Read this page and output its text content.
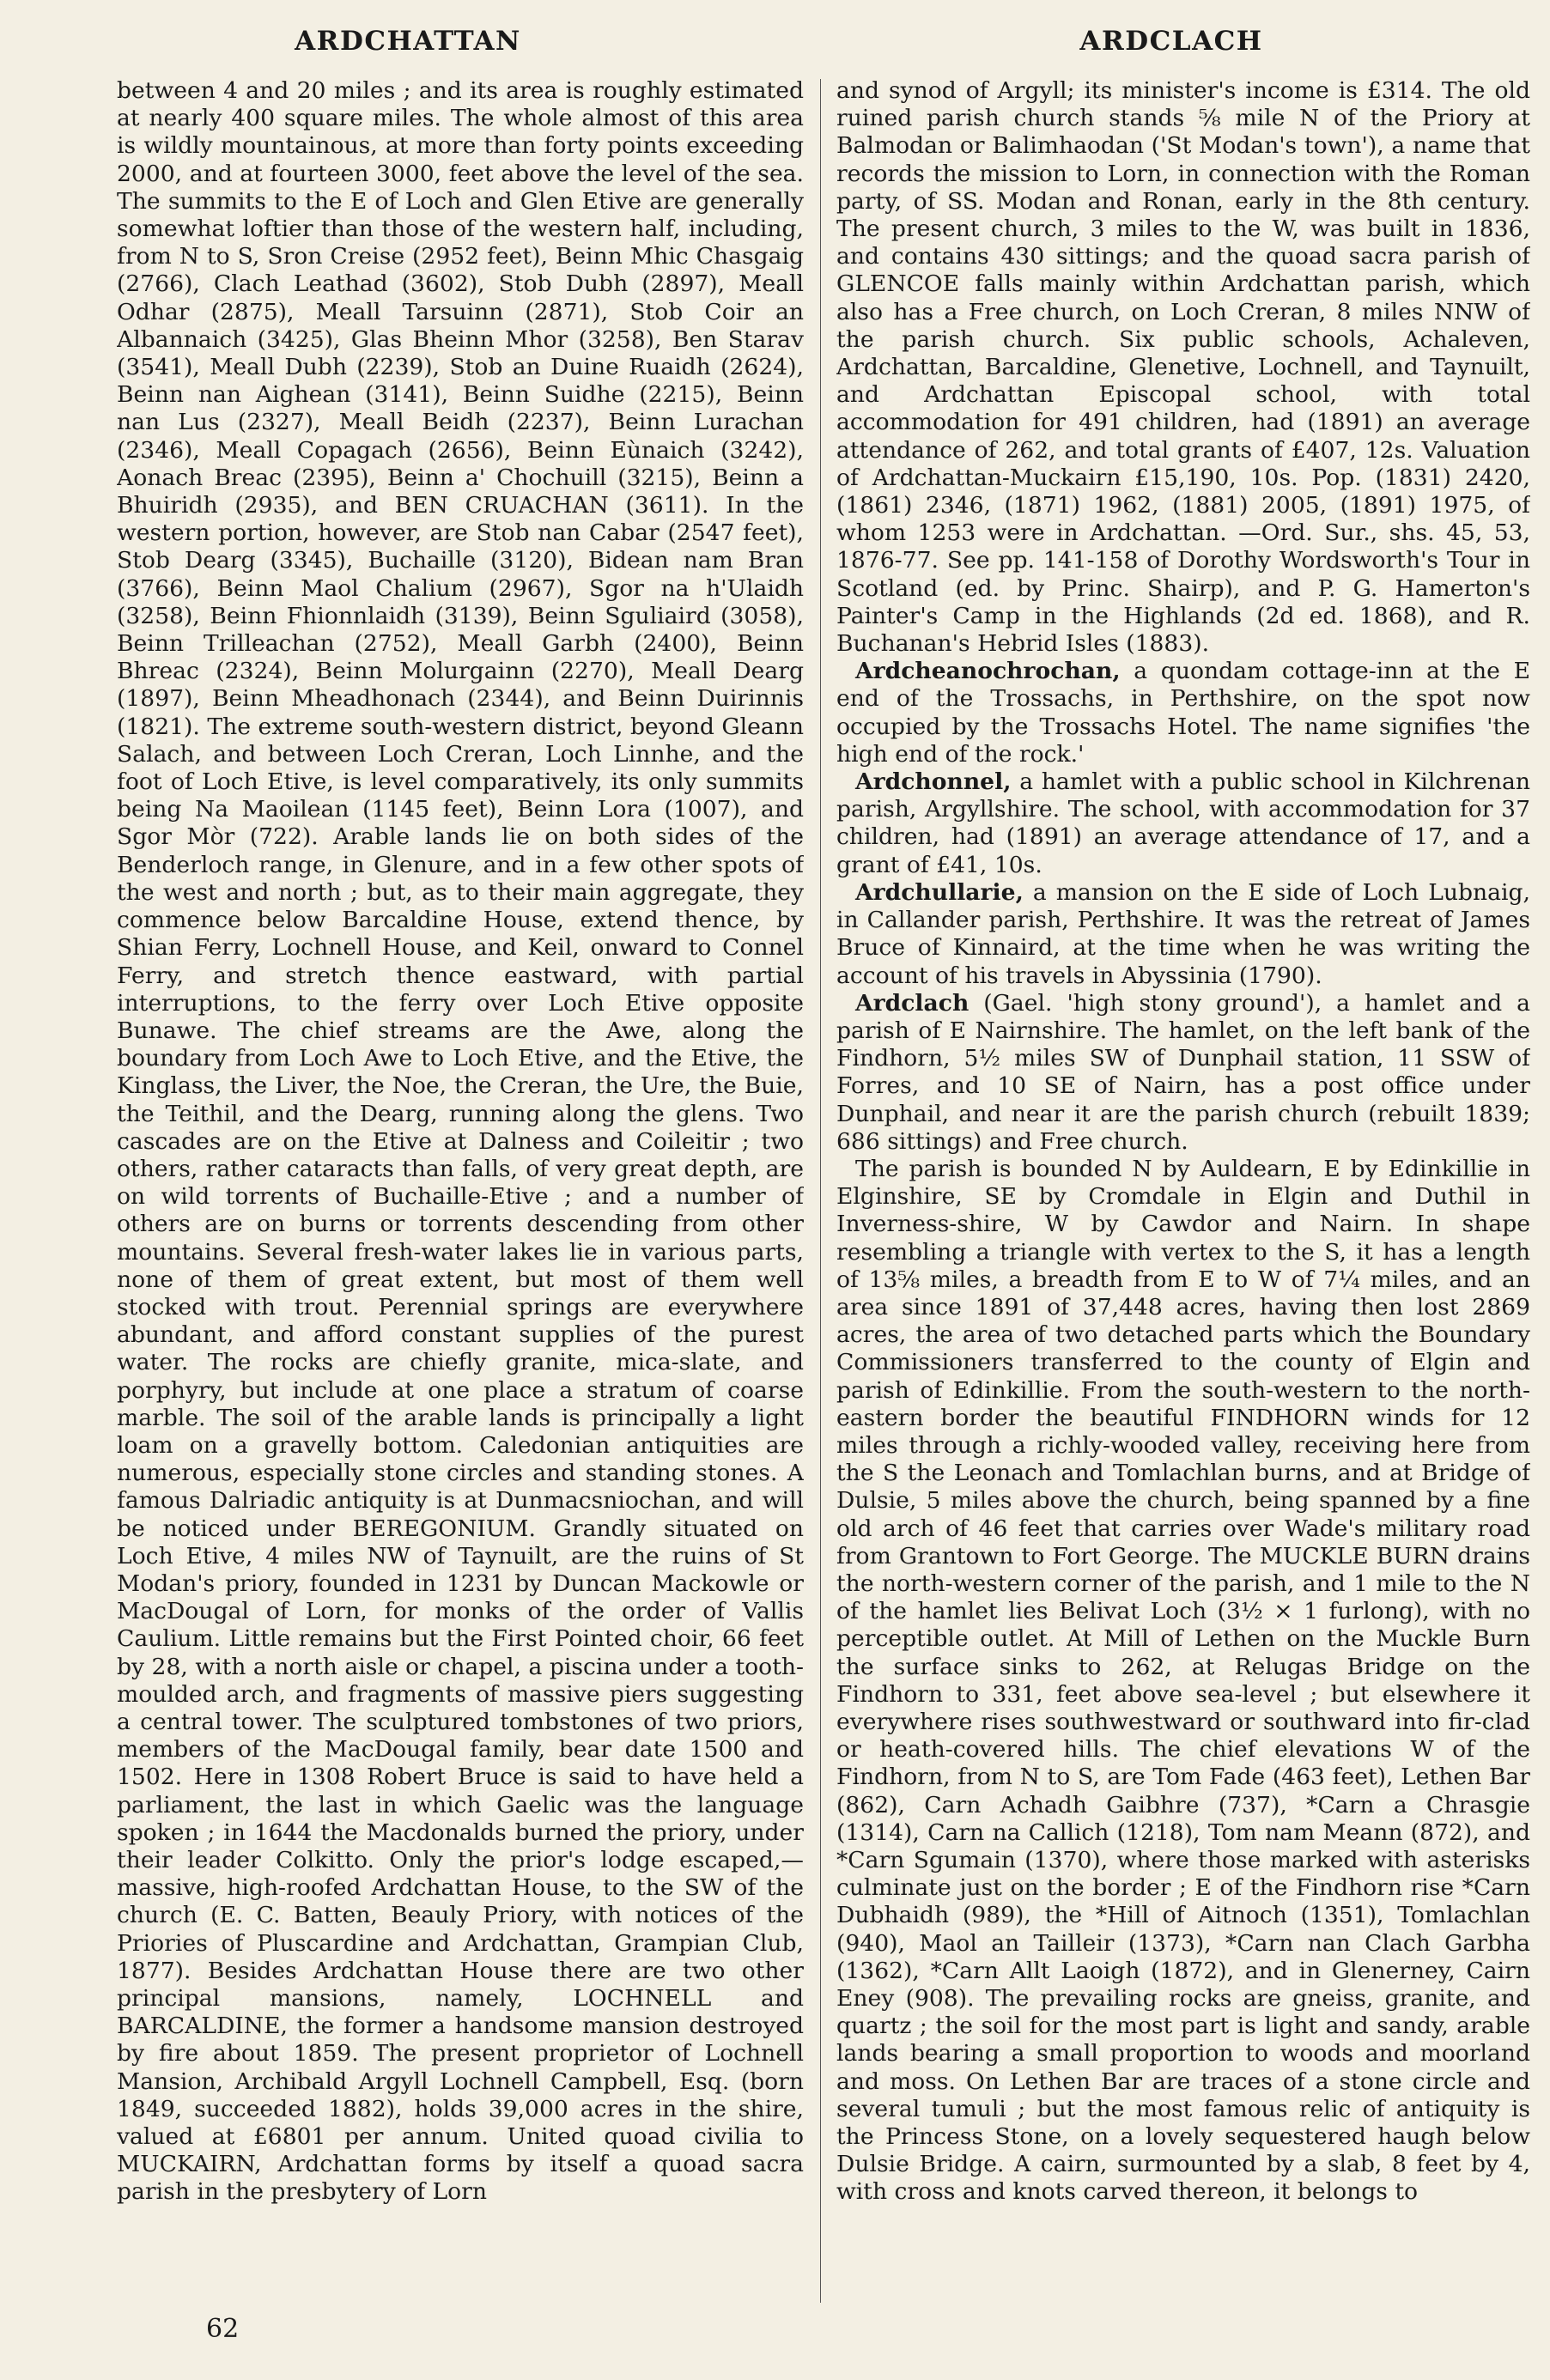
ARDCHATTAN	ARDCLACH

between 4 and 20 miles ; and its area is roughly estimated at nearly 400 square miles. The whole almost of this area is wildly mountainous, at more than forty points exceeding 2000, and at fourteen 3000, feet above the level of the sea. The summits to the E of Loch and Glen Etive are generally somewhat loftier than those of the western half, including, from N to S, Sron Creise (2952 feet), Beinn Mhic Chasgaig (2766), Clach Leathad (3602), Stob Dubh (2897), Meall Odhar (2875), Meall Tarsuinn (2871), Stob Coir an Albannaich (3425), Glas Bheinn Mhor (3258), Ben Starav (3541), Meall Dubh (2239), Stob an Duine Ruaidh (2624), Beinn nan Aighean (3141), Beinn Suidhe (2215), Beinn nan Lus (2327), Meall Beidh (2237), Beinn Lurachan (2346), Meall Copagach (2656), Beinn Eùnaich (3242), Aonach Breac (2395), Beinn a' Chochuill (3215), Beinn a Bhuiridh (2935), and BEN CRUACHAN (3611). In the western portion, however, are Stob nan Cabar (2547 feet), Stob Dearg (3345), Buchaille (3120), Bidean nam Bran (3766), Beinn Maol Chalium (2967), Sgor na h'Ulaidh (3258), Beinn Fhionnlaidh (3139), Beinn Sguliaird (3058), Beinn Trilleachan (2752), Meall Garbh (2400), Beinn Bhreac (2324), Beinn Molurgainn (2270), Meall Dearg (1897), Beinn Mheadhonach (2344), and Beinn Duirinnis (1821). The extreme south-western district, beyond Gleann Salach, and between Loch Creran, Loch Linnhe, and the foot of Loch Etive, is level comparatively, its only summits being Na Maoilean (1145 feet), Beinn Lora (1007), and Sgor Mòr (722). Arable lands lie on both sides of the Benderloch range, in Glenure, and in a few other spots of the west and north ; but, as to their main aggregate, they commence below Barcaldine House, extend thence, by Shian Ferry, Lochnell House, and Keil, onward to Connel Ferry, and stretch thence eastward, with partial interruptions, to the ferry over Loch Etive opposite Bunawe. The chief streams are the Awe, along the boundary from Loch Awe to Loch Etive, and the Etive, the Kinglass, the Liver, the Noe, the Creran, the Ure, the Buie, the Teithil, and the Dearg, running along the glens. Two cascades are on the Etive at Dalness and Coileitir ; two others, rather cataracts than falls, of very great depth, are on wild torrents of Buchaille-Etive ; and a number of others are on burns or torrents descending from other mountains. Several fresh-water lakes lie in various parts, none of them of great extent, but most of them well stocked with trout. Perennial springs are everywhere abundant, and afford constant supplies of the purest water. The rocks are chiefly granite, mica-slate, and porphyry, but include at one place a stratum of coarse marble. The soil of the arable lands is principally a light loam on a gravelly bottom. Caledonian antiquities are numerous, especially stone circles and standing stones. A famous Dalriadic antiquity is at Dunmacsniochan, and will be noticed under BEREGONIUM. Grandly situated on Loch Etive, 4 miles NW of Taynuilt, are the ruins of St Modan's priory, founded in 1231 by Duncan Mackowle or MacDougal of Lorn, for monks of the order of Vallis Caulium. Little remains but the First Pointed choir, 66 feet by 28, with a north aisle or chapel, a piscina under a tooth-moulded arch, and fragments of massive piers suggesting a central tower. The sculptured tombstones of two priors, members of the MacDougal family, bear date 1500 and 1502. Here in 1308 Robert Bruce is said to have held a parliament, the last in which Gaelic was the language spoken ; in 1644 the Macdonalds burned the priory, under their leader Colkitto. Only the prior's lodge escaped,—massive, high-roofed Ardchattan House, to the SW of the church (E. C. Batten, Beauly Priory, with notices of the Priories of Pluscardine and Ardchattan, Grampian Club, 1877). Besides Ardchattan House there are two other principal mansions, namely, LOCHNELL and BARCALDINE, the former a handsome mansion destroyed by fire about 1859. The present proprietor of Lochnell Mansion, Archibald Argyll Lochnell Campbell, Esq. (born 1849, succeeded 1882), holds 39,000 acres in the shire, valued at £6801 per annum. United quoad civilia to MUCKAIRN, Ardchattan forms by itself a quoad sacra parish in the presbytery of Lorn

and synod of Argyll; its minister's income is £314. The old ruined parish church stands ⅝ mile N of the Priory at Balmodan or Balimhaodan ('St Modan's town'), a name that records the mission to Lorn, in connection with the Roman party, of SS. Modan and Ronan, early in the 8th century. The present church, 3 miles to the W, was built in 1836, and contains 430 sittings; and the quoad sacra parish of GLENCOE falls mainly within Ardchattan parish, which also has a Free church, on Loch Creran, 8 miles NNW of the parish church. Six public schools, Achaleven, Ardchattan, Barcaldine, Glenetive, Lochnell, and Taynuilt, and Ardchattan Episcopal school, with total accommodation for 491 children, had (1891) an average attendance of 262, and total grants of £407, 12s. Valuation of Ardchattan-Muckairn £15,190, 10s. Pop. (1831) 2420, (1861) 2346, (1871) 1962, (1881) 2005, (1891) 1975, of whom 1253 were in Ardchattan. —Ord. Sur., shs. 45, 53, 1876-77. See pp. 141-158 of Dorothy Wordsworth's Tour in Scotland (ed. by Princ. Shairp), and P. G. Hamerton's Painter's Camp in the Highlands (2d ed. 1868), and R. Buchanan's Hebrid Isles (1883).

Ardcheanochrochan, a quondam cottage-inn at the E end of the Trossachs, in Perthshire, on the spot now occupied by the Trossachs Hotel. The name signifies 'the high end of the rock.'

Ardchonnel, a hamlet with a public school in Kilchrenan parish, Argyllshire. The school, with accommodation for 37 children, had (1891) an average attendance of 17, and a grant of £41, 10s.

Ardchullarie, a mansion on the E side of Loch Lubnaig, in Callander parish, Perthshire. It was the retreat of James Bruce of Kinnaird, at the time when he was writing the account of his travels in Abyssinia (1790).

Ardclach (Gael. 'high stony ground'), a hamlet and a parish of E Nairnshire. The hamlet, on the left bank of the Findhorn, 5½ miles SW of Dunphail station, 11 SSW of Forres, and 10 SE of Nairn, has a post office under Dunphail, and near it are the parish church (rebuilt 1839; 686 sittings) and Free church.

The parish is bounded N by Auldearn, E by Edinkillie in Elginshire, SE by Cromdale in Elgin and Duthil in Inverness-shire, W by Cawdor and Nairn. In shape resembling a triangle with vertex to the S, it has a length of 13⅝ miles, a breadth from E to W of 7¼ miles, and an area since 1891 of 37,448 acres, having then lost 2869 acres, the area of two detached parts which the Boundary Commissioners transferred to the county of Elgin and parish of Edinkillie. From the south-western to the north-eastern border the beautiful FINDHORN winds for 12 miles through a richly-wooded valley, receiving here from the S the Leonach and Tomlachlan burns, and at Bridge of Dulsie, 5 miles above the church, being spanned by a fine old arch of 46 feet that carries over Wade's military road from Grantown to Fort George. The MUCKLE BURN drains the north-western corner of the parish, and 1 mile to the N of the hamlet lies Belivat Loch (3½ × 1 furlong), with no perceptible outlet. At Mill of Lethen on the Muckle Burn the surface sinks to 262, at Relugas Bridge on the Findhorn to 331, feet above sea-level ; but elsewhere it everywhere rises southwestward or southward into fir-clad or heath-covered hills. The chief elevations W of the Findhorn, from N to S, are Tom Fade (463 feet), Lethen Bar (862), Carn Achadh Gaibhre (737), *Carn a Chrasgie (1314), Carn na Callich (1218), Tom nam Meann (872), and *Carn Sgumain (1370), where those marked with asterisks culminate just on the border ; E of the Findhorn rise *Carn Dubhaidh (989), the *Hill of Aitnoch (1351), Tomlachlan (940), Maol an Tailleir (1373), *Carn nan Clach Garbha (1362), *Carn Allt Laoigh (1872), and in Glenerney, Cairn Eney (908). The prevailing rocks are gneiss, granite, and quartz ; the soil for the most part is light and sandy, arable lands bearing a small proportion to woods and moorland and moss. On Lethen Bar are traces of a stone circle and several tumuli ; but the most famous relic of antiquity is the Princess Stone, on a lovely sequestered haugh below Dulsie Bridge. A cairn, surmounted by a slab, 8 feet by 4, with cross and knots carved thereon, it belongs to

62
